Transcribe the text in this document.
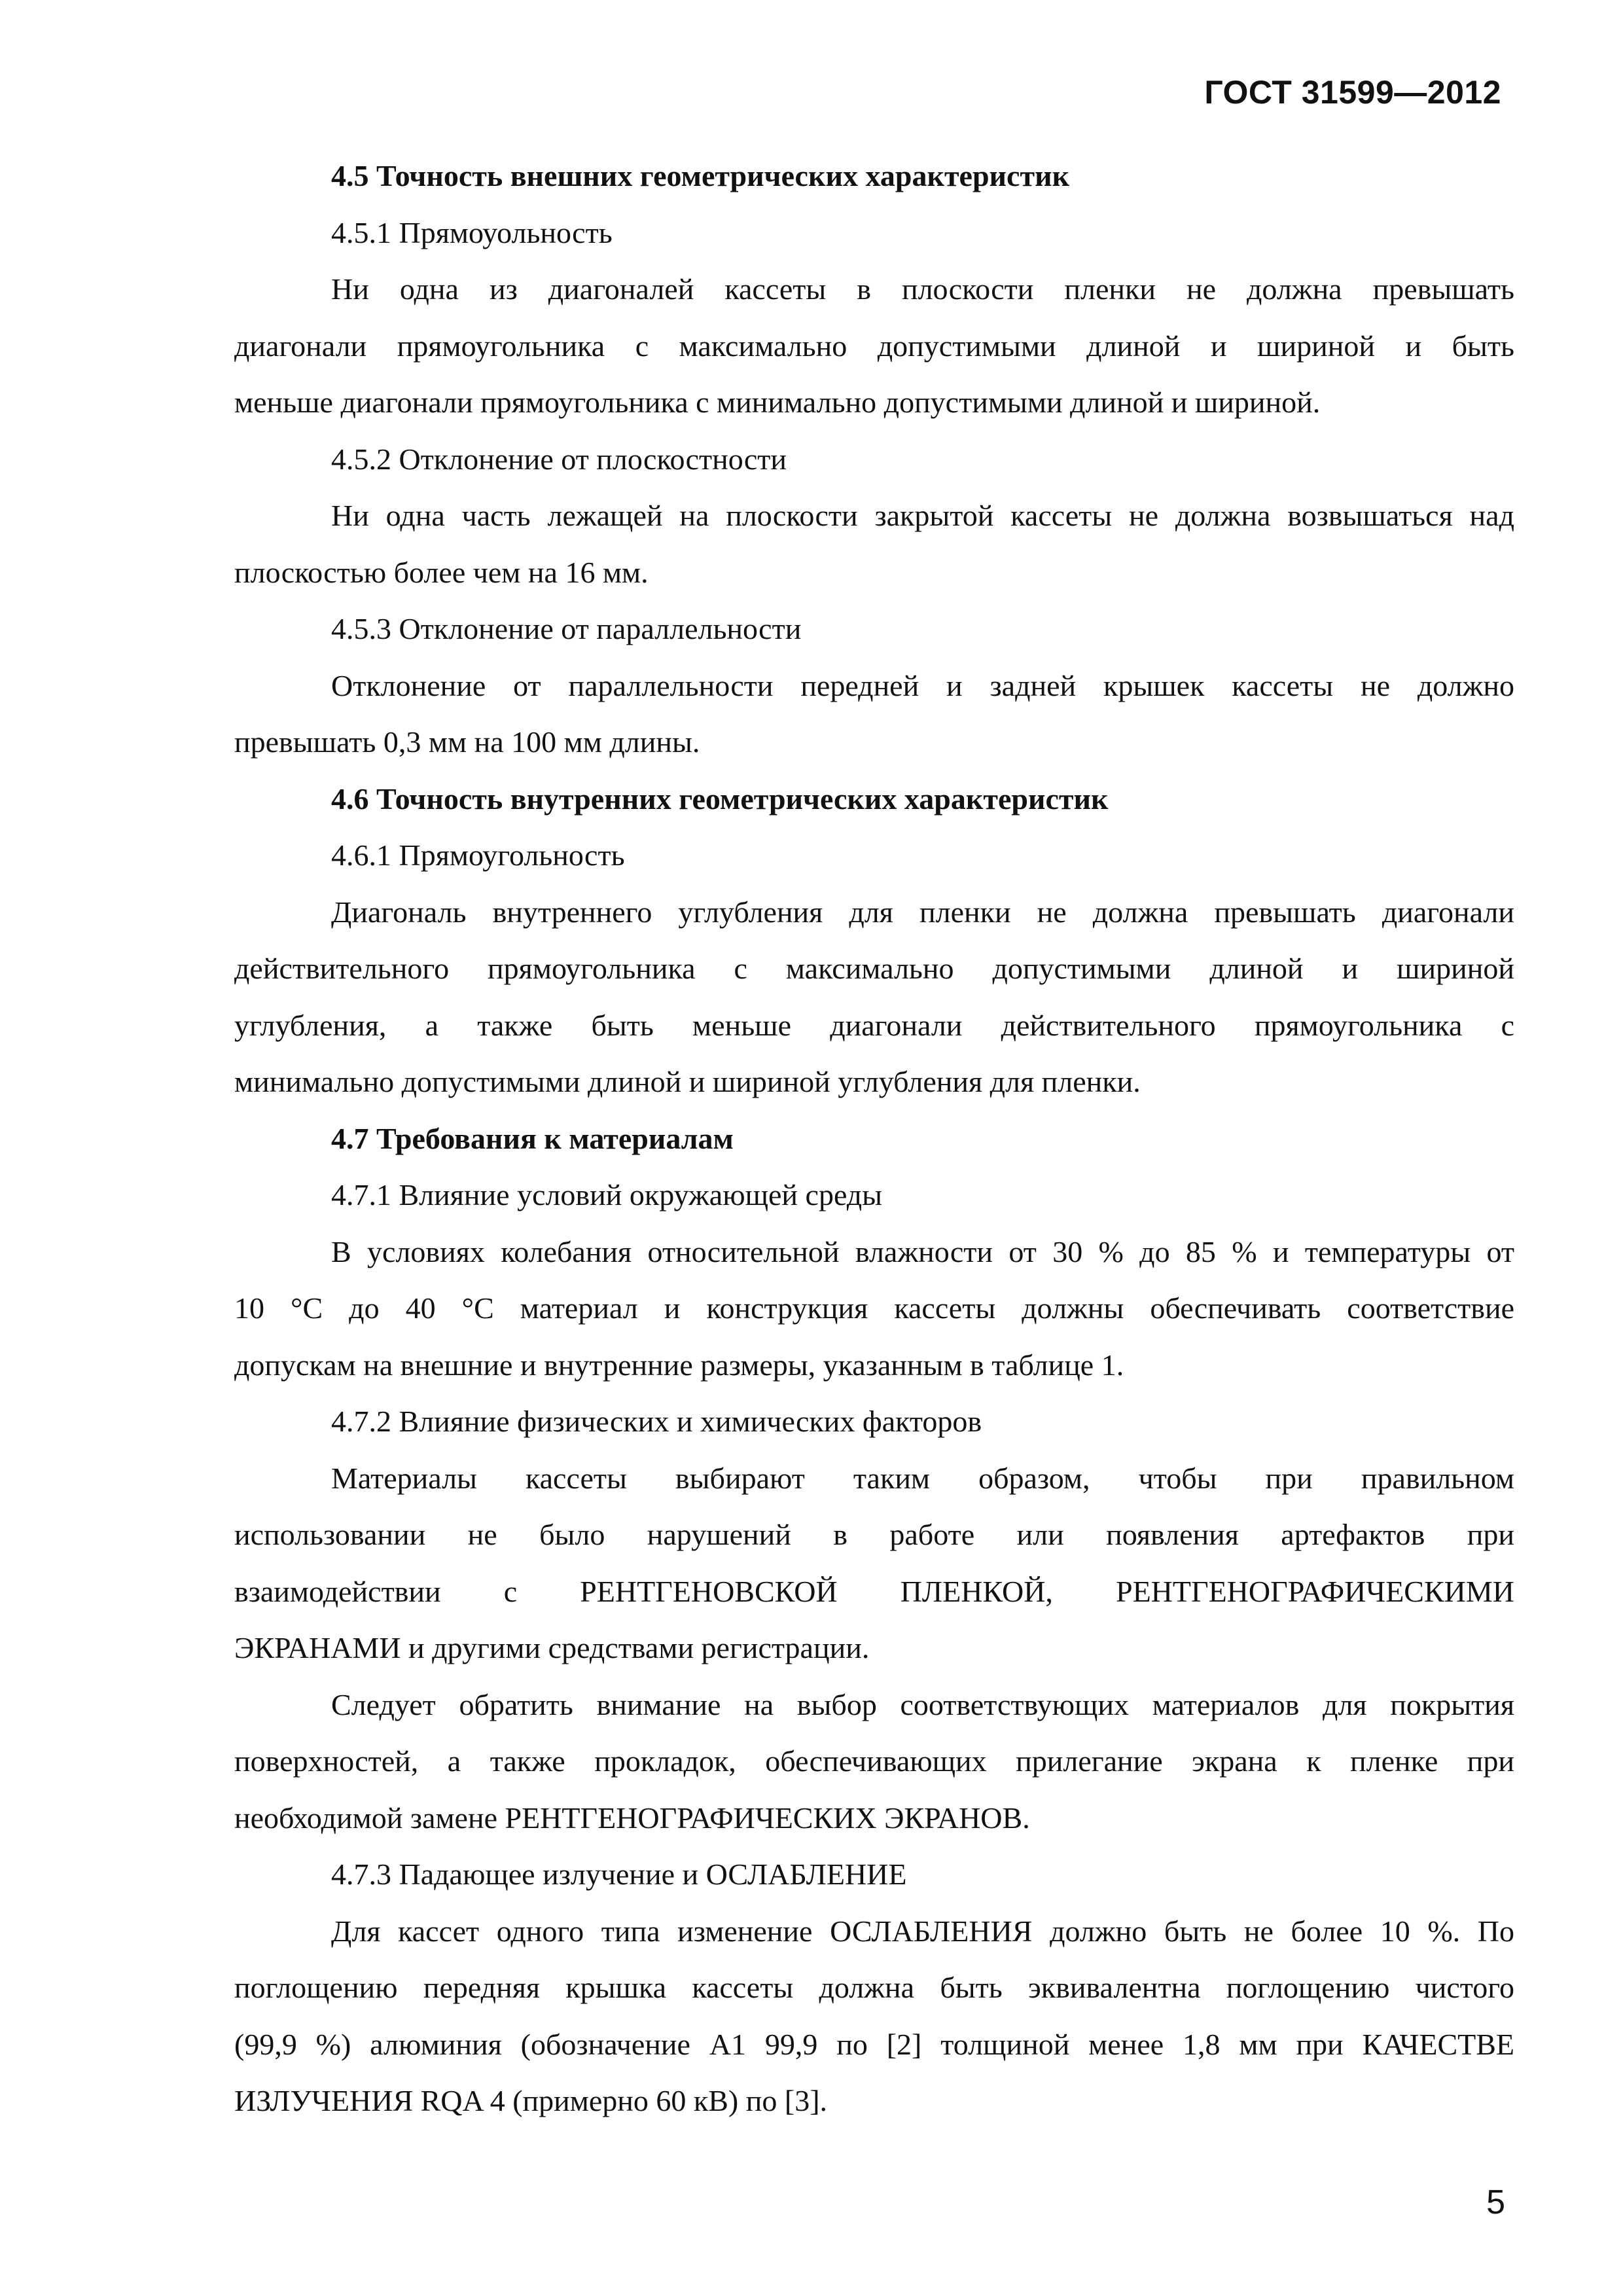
ГОСТ 31599—2012
4.5 Точность внешних геометрических характеристик
4.5.1 Прямоуольность
Ни одна из диагоналей кассеты в плоскости пленки не должна превышать
диагонали прямоугольника с максимально допустимыми длиной и шириной и быть
меньше диагонали прямоугольника с минимально допустимыми длиной и шириной.
4.5.2 Отклонение от плоскостности
Ни одна часть лежащей на плоскости закрытой кассеты не должна возвышаться над
плоскостью более чем на 16 мм.
4.5.3 Отклонение от параллельности
Отклонение от параллельности передней и задней крышек кассеты не должно
превышать 0,3 мм на 100 мм длины.
4.6 Точность внутренних геометрических характеристик
4.6.1 Прямоугольность
Диагональ внутреннего углубления для пленки не должна превышать диагонали
действительного прямоугольника с максимально допустимыми длиной и шириной
углубления, а также быть меньше диагонали действительного прямоугольника с
минимально допустимыми длиной и шириной углубления для пленки.
4.7 Требования к материалам
4.7.1 Влияние условий окружающей среды
В условиях колебания относительной влажности от 30 % до 85 % и температуры от
10 °С до 40 °С материал и конструкция кассеты должны обеспечивать соответствие
допускам на внешние и внутренние размеры, указанным в таблице 1.
4.7.2 Влияние физических и химических факторов
Материалы кассеты выбирают таким образом, чтобы при правильном
использовании не было нарушений в работе или появления артефактов при
взаимодействии с РЕНТГЕНОВСКОЙ ПЛЕНКОЙ, РЕНТГЕНОГРАФИЧЕСКИМИ
ЭКРАНАМИ и другими средствами регистрации.
Следует обратить внимание на выбор соответствующих материалов для покрытия
поверхностей, а также прокладок, обеспечивающих прилегание экрана к пленке при
необходимой замене РЕНТГЕНОГРАФИЧЕСКИХ ЭКРАНОВ.
4.7.3 Падающее излучение и ОСЛАБЛЕНИЕ
Для кассет одного типа изменение ОСЛАБЛЕНИЯ должно быть не более 10 %. По
поглощению передняя крышка кассеты должна быть эквивалентна поглощению чистого
(99,9 %) алюминия (обозначение А1 99,9 по [2] толщиной менее 1,8 мм при КАЧЕСТВЕ
ИЗЛУЧЕНИЯ RQA 4 (примерно 60 кВ) по [3].
5
